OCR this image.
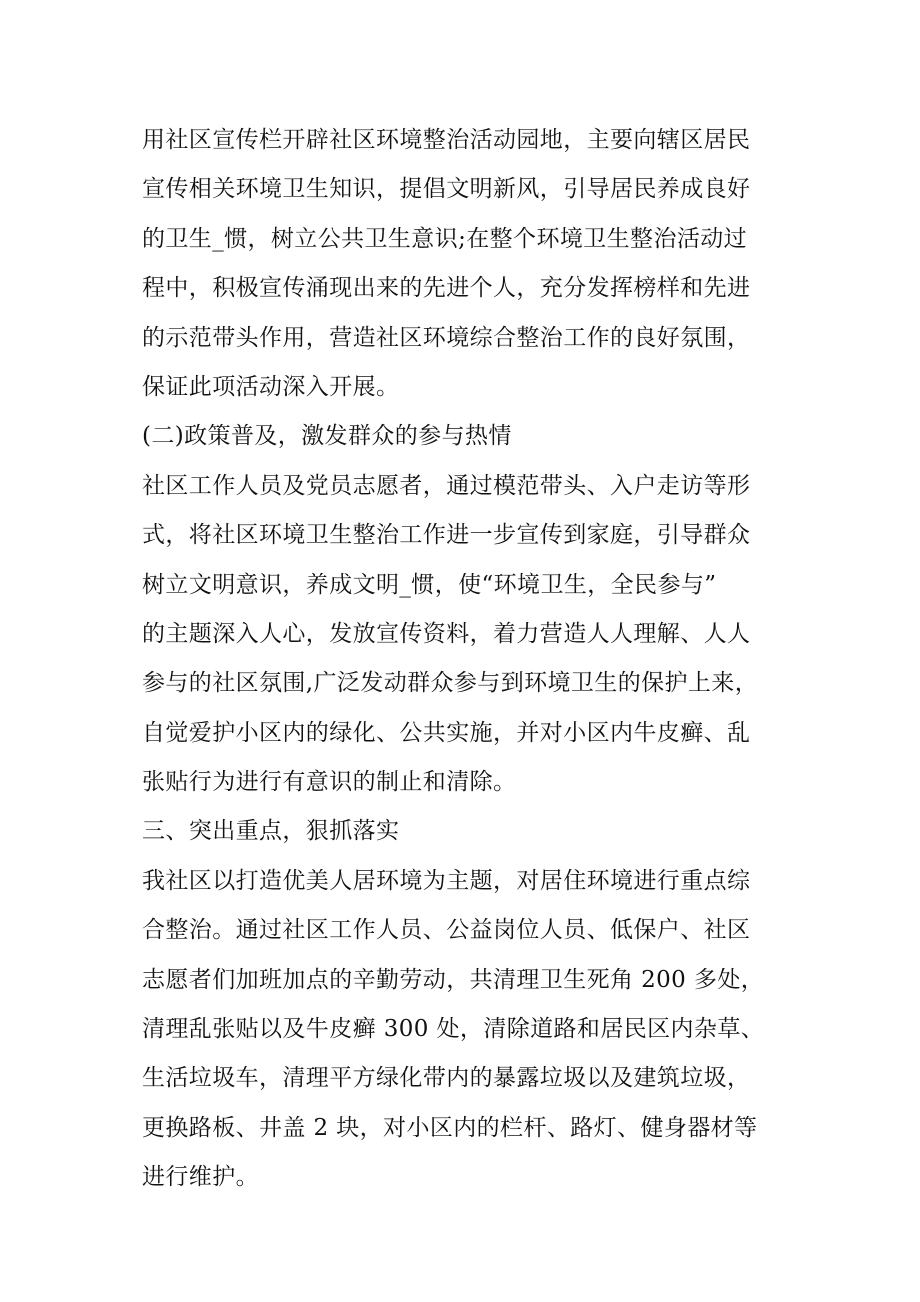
用社区宣传栏开辟社区环境整治活动园地，主要向辖区居民
宣传相关环境卫生知识，提倡文明新风，引导居民养成良好
的卫生_惯，树立公共卫生意识;在整个环境卫生整治活动过
程中，积极宣传涌现出来的先进个人，充分发挥榜样和先进
的示范带头作用，营造社区环境综合整治工作的良好氛围，
保证此项活动深入开展。
(二)政策普及，激发群众的参与热情
社区工作人员及党员志愿者，通过模范带头、入户走访等形
式，将社区环境卫生整治工作进一步宣传到家庭，引导群众
树立文明意识，养成文明_惯，使“环境卫生，全民参与”
的主题深入人心，发放宣传资料，着力营造人人理解、人人
参与的社区氛围,广泛发动群众参与到环境卫生的保护上来，
自觉爱护小区内的绿化、公共实施，并对小区内牛皮癣、乱
张贴行为进行有意识的制止和清除。
三、突出重点，狠抓落实
我社区以打造优美人居环境为主题，对居住环境进行重点综
合整治。通过社区工作人员、公益岗位人员、低保户、社区
志愿者们加班加点的辛勤劳动，共清理卫生死角 200 多处，
清理乱张贴以及牛皮癣 300 处，清除道路和居民区内杂草、
生活垃圾车，清理平方绿化带内的暴露垃圾以及建筑垃圾，
更换路板、井盖 2 块，对小区内的栏杆、路灯、健身器材等
进行维护。
